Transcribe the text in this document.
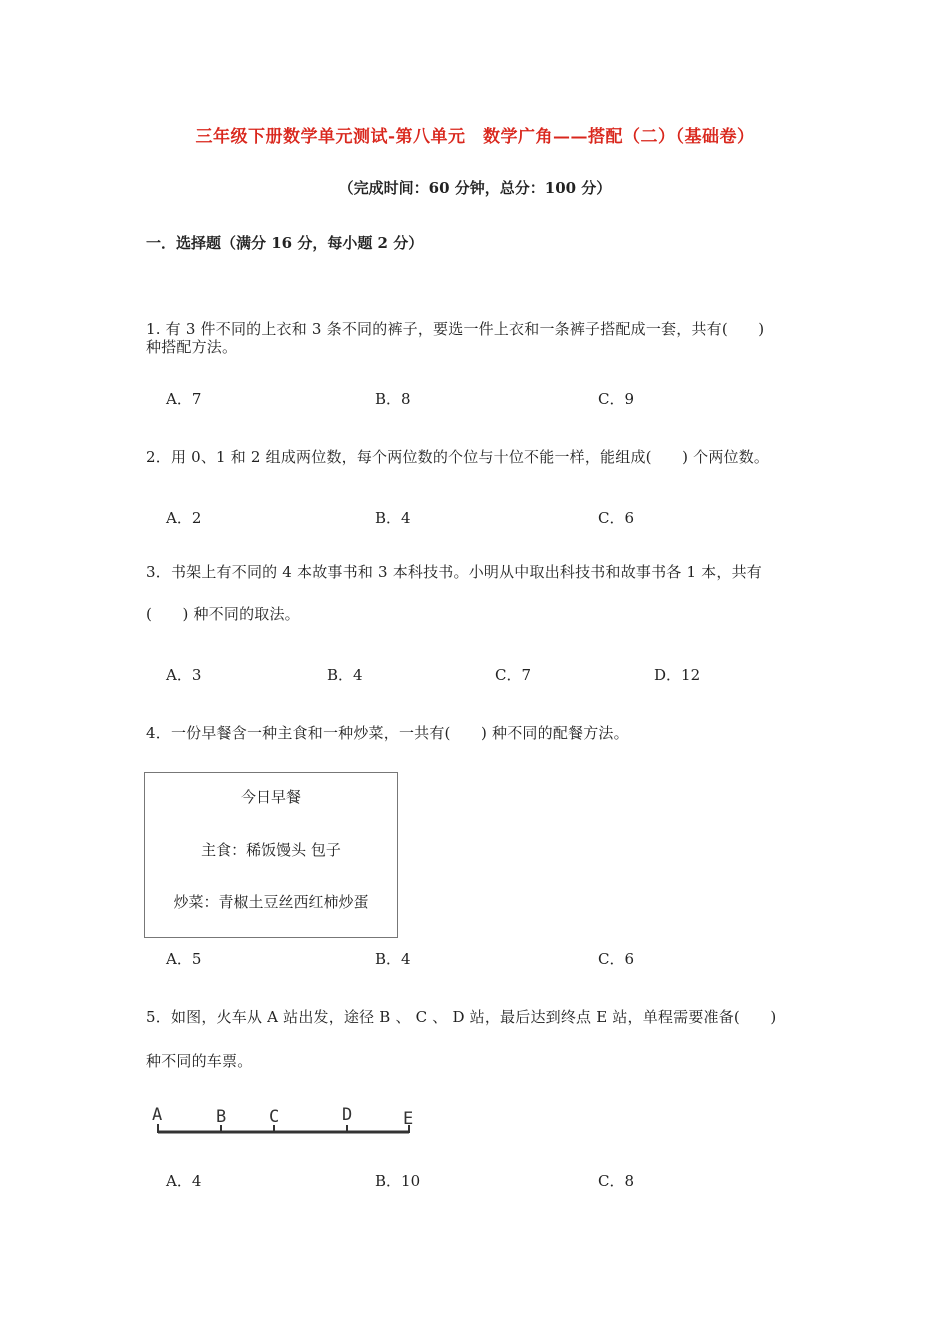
三年级下册数学单元测试-第八单元　数学广角——搭配（二）（基础卷）
（完成时间：60 分钟，总分：100 分）
一．选择题（满分 16 分，每小题 2 分）
1. 有 3 件不同的上衣和 3 条不同的裤子，要选一件上衣和一条裤子搭配成一套，共有(　　)
种搭配方法。
A．7	B．8	C．9
2．用 0、1 和 2 组成两位数，每个两位数的个位与十位不能一样，能组成(　　) 个两位数。
A．2	B．4	C．6
3．书架上有不同的 4 本故事书和 3 本科技书。小明从中取出科技书和故事书各 1 本，共有
(　　) 种不同的取法。
A．3	B．4	C．7	D．12
4．一份早餐含一种主食和一种炒菜，一共有(　　) 种不同的配餐方法。
今日早餐
主食：稀饭馒头 包子
炒菜：青椒土豆丝西红柿炒蛋
A．5	B．4	C．6
5．如图，火车从 A 站出发，途径 B 、 C 、 D 站，最后达到终点 E 站，单程需要准备(　　)
种不同的车票。
A	B	C	D	E
A．4	B．10	C．8
